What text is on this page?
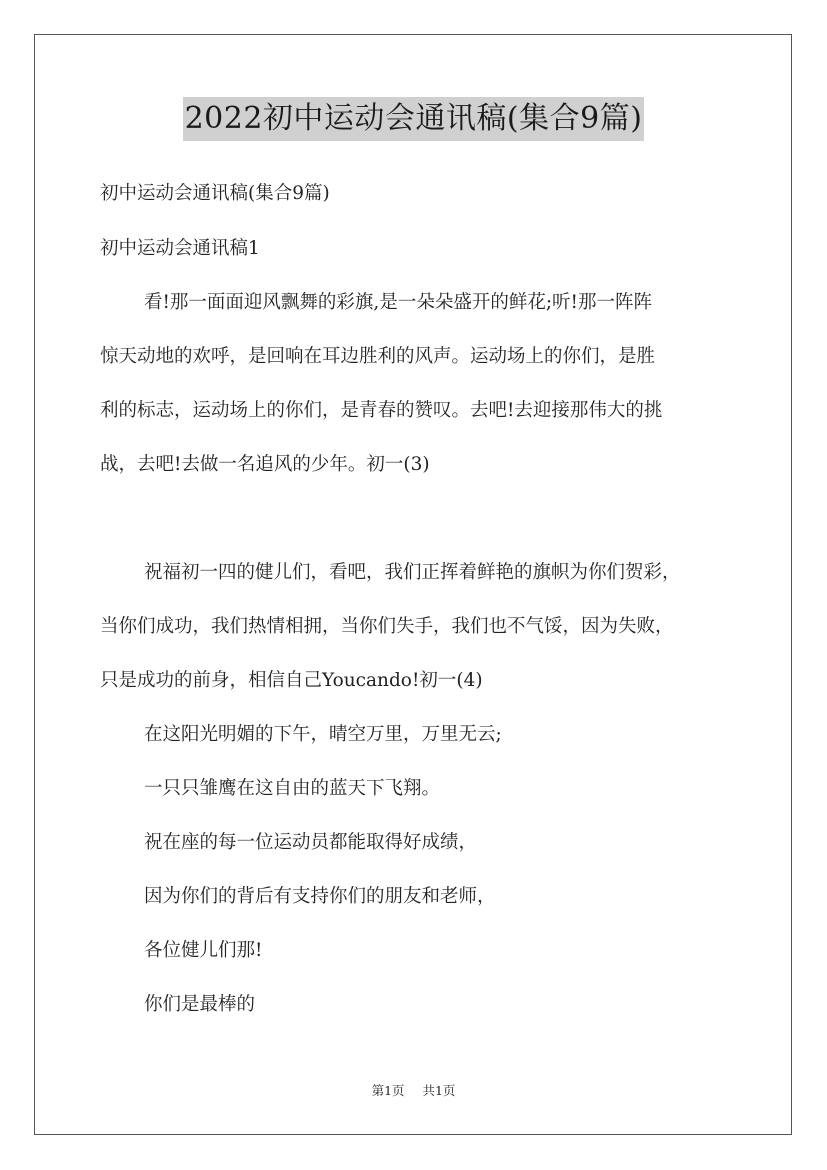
2022初中运动会通讯稿(集合9篇)
初中运动会通讯稿(集合9篇)
初中运动会通讯稿1
看!那一面面迎风飘舞的彩旗,是一朵朵盛开的鲜花;听!那一阵阵
惊天动地的欢呼，是回响在耳边胜利的风声。运动场上的你们，是胜
利的标志，运动场上的你们，是青春的赞叹。去吧!去迎接那伟大的挑
战，去吧!去做一名追风的少年。初一(3)
祝福初一四的健儿们，看吧，我们正挥着鲜艳的旗帜为你们贺彩，
当你们成功，我们热情相拥，当你们失手，我们也不气馁，因为失败，
只是成功的前身，相信自己Youcando!初一(4)
在这阳光明媚的下午，晴空万里，万里无云;
一只只雏鹰在这自由的蓝天下飞翔。
祝在座的每一位运动员都能取得好成绩，
因为你们的背后有支持你们的朋友和老师，
各位健儿们那!
你们是最棒的
第1页 共1页
